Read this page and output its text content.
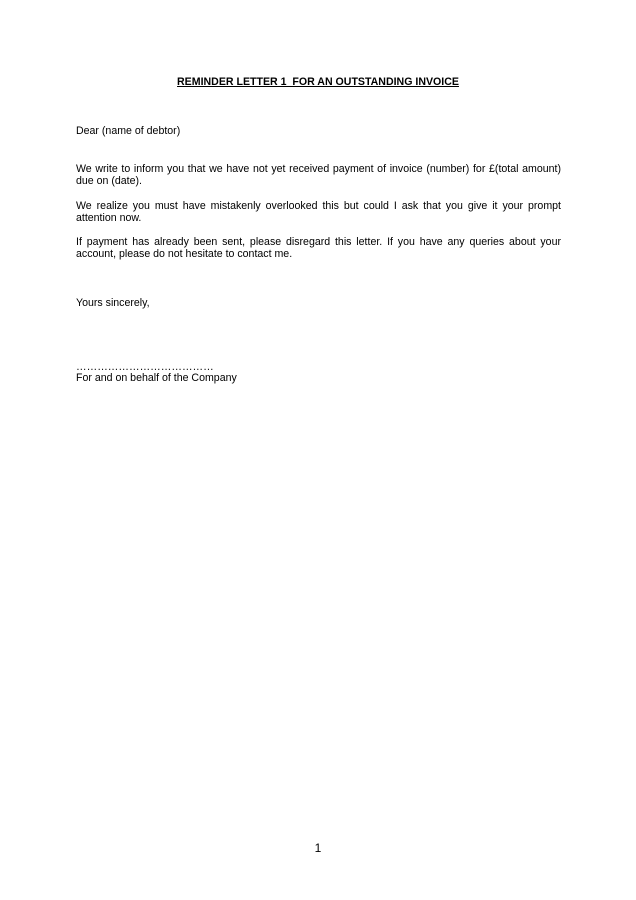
REMINDER LETTER 1  FOR AN OUTSTANDING INVOICE
Dear (name of debtor)
We write to inform you that we have not yet received payment of invoice (number) for £(total amount) due on (date).
We realize you must have mistakenly overlooked this but could I ask that you give it your prompt attention now.
If payment has already been sent, please disregard this letter. If you have any queries about your account, please do not hesitate to contact me.
Yours sincerely,
…………………………………
For and on behalf of the Company
1
